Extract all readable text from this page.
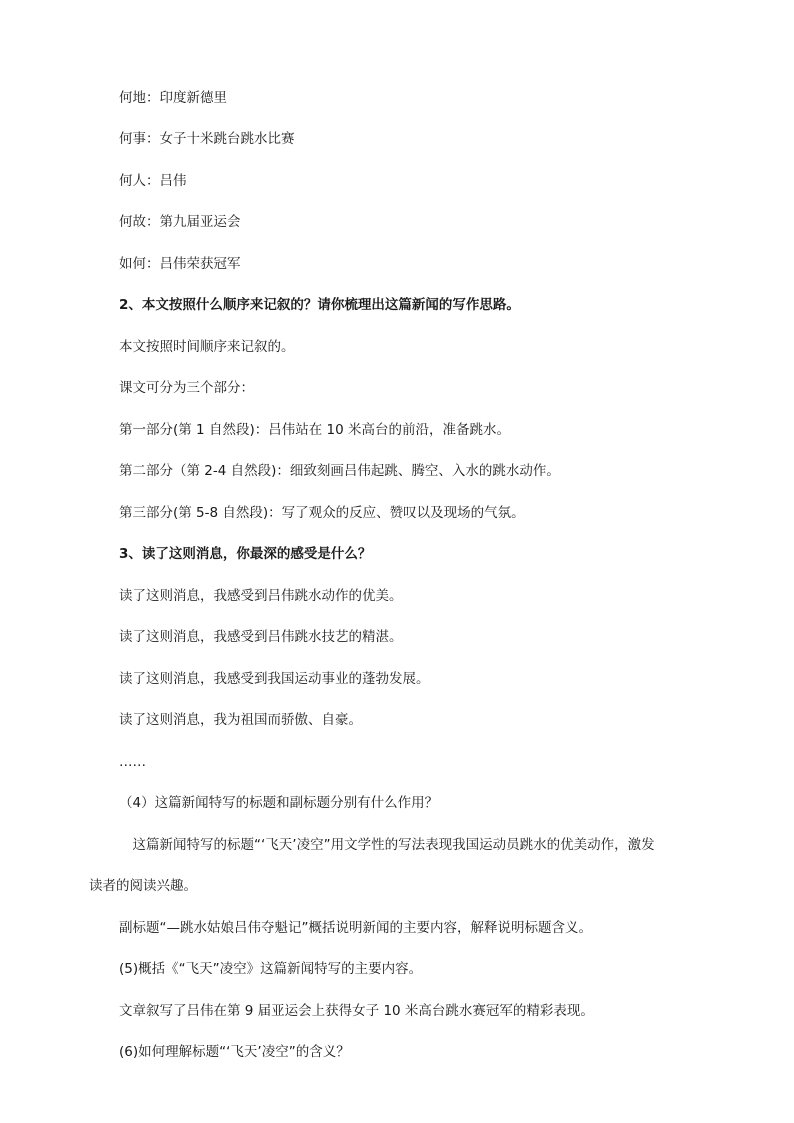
何地：印度新德里
何事：女子十米跳台跳水比赛
何人：吕伟
何故：第九届亚运会
如何：吕伟荣获冠军
2、本文按照什么顺序来记叙的？请你梳理出这篇新闻的写作思路。
本文按照时间顺序来记叙的。
课文可分为三个部分：
第一部分(第 1 自然段)：吕伟站在 10 米高台的前沿，准备跳水。
第二部分（第 2-4 自然段)：细致刻画吕伟起跳、腾空、入水的跳水动作。
第三部分(第 5-8 自然段)：写了观众的反应、赞叹以及现场的气氛。
3、读了这则消息，你最深的感受是什么？
读了这则消息，我感受到吕伟跳水动作的优美。
读了这则消息，我感受到吕伟跳水技艺的精湛。
读了这则消息，我感受到我国运动事业的蓬勃发展。
读了这则消息，我为祖国而骄傲、自豪。
……
（4）这篇新闻特写的标题和副标题分别有什么作用？
　这篇新闻特写的标题“‘飞天’凌空”用文学性的写法表现我国运动员跳水的优美动作，激发
读者的阅读兴趣。
副标题“—跳水姑娘吕伟夺魁记”概括说明新闻的主要内容，解释说明标题含义。
(5)概括《“飞天”凌空》这篇新闻特写的主要内容。
文章叙写了吕伟在第 9 届亚运会上获得女子 10 米高台跳水赛冠军的精彩表现。
(6)如何理解标题“‘飞天’凌空”的含义？
